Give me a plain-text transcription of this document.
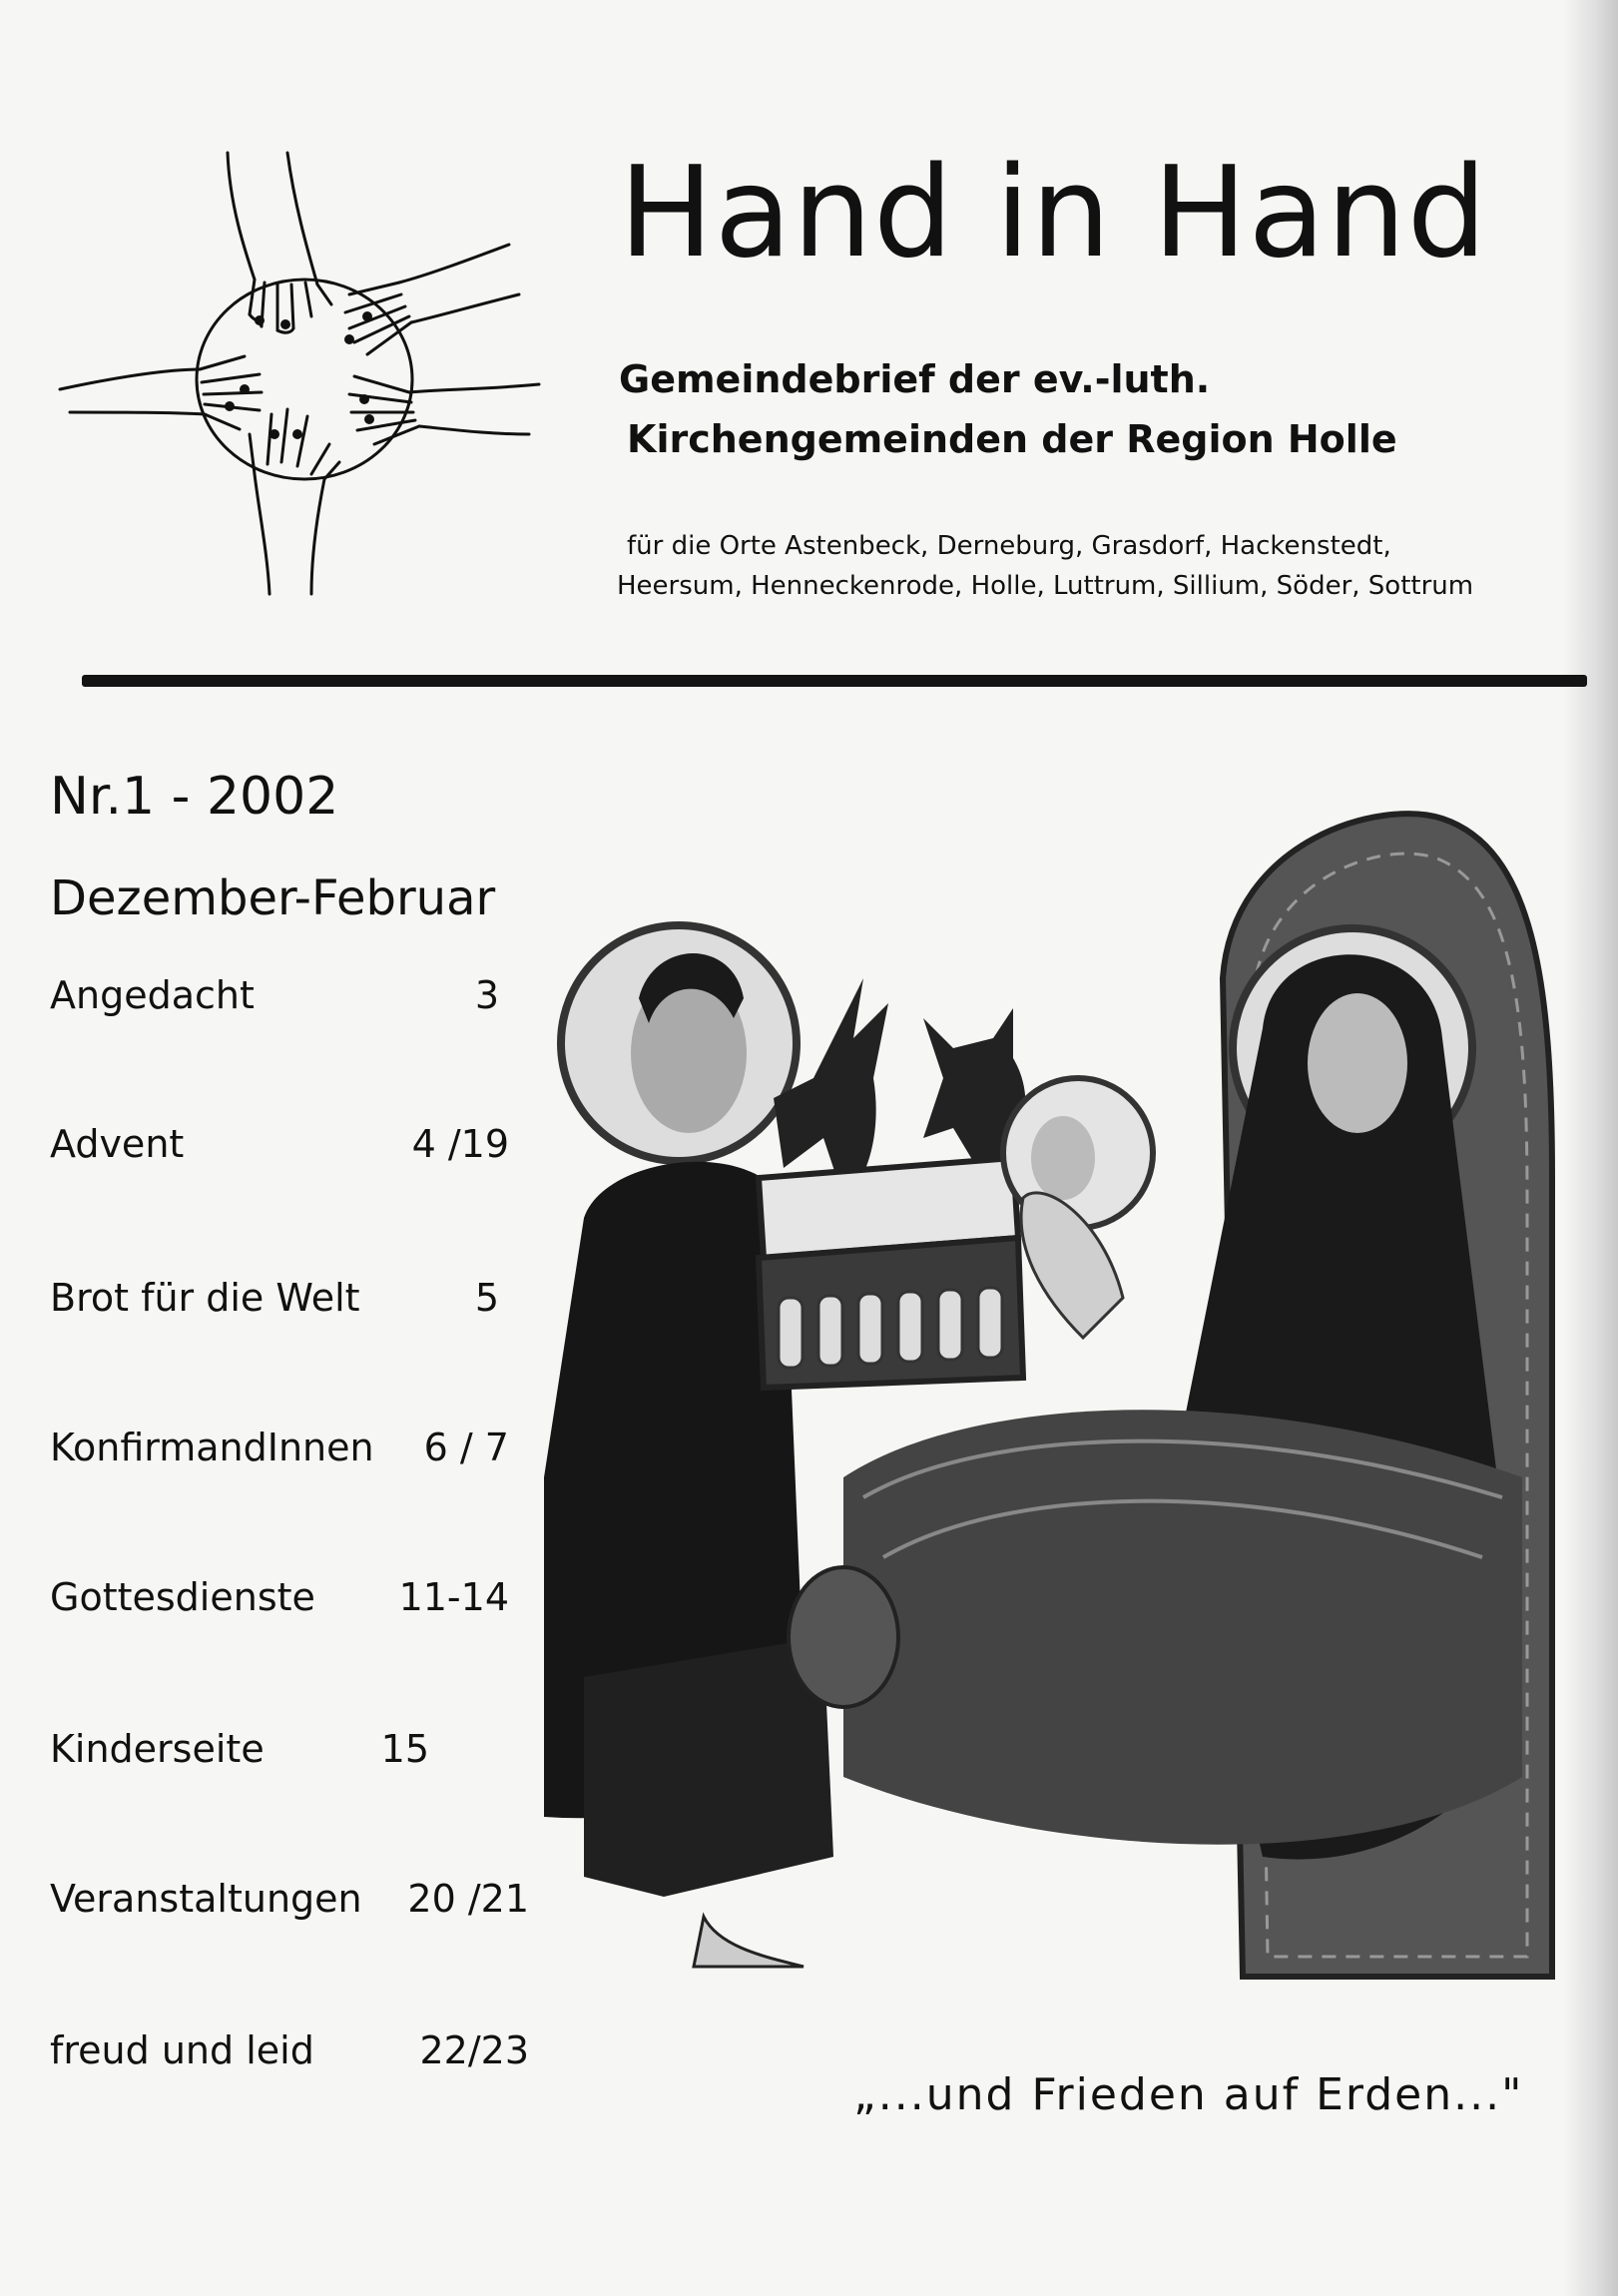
Hand in Hand
Gemeindebrief der ev.-luth.
Kirchengemeinden der Region Holle
für die Orte Astenbeck, Derneburg, Grasdorf, Hackenstedt,
Heersum, Henneckenrode, Holle, Luttrum, Sillium, Söder, Sottrum
Nr.1 - 2002
Dezember-Februar
Angedacht	3
Advent	4 /19
Brot für die Welt	5
KonfirmandInnen 6 / 7
Gottesdienste 11-14
Kinderseite	15
Veranstaltungen 20 /21
freud und leid	22/23
„...und Frieden auf Erden..."
